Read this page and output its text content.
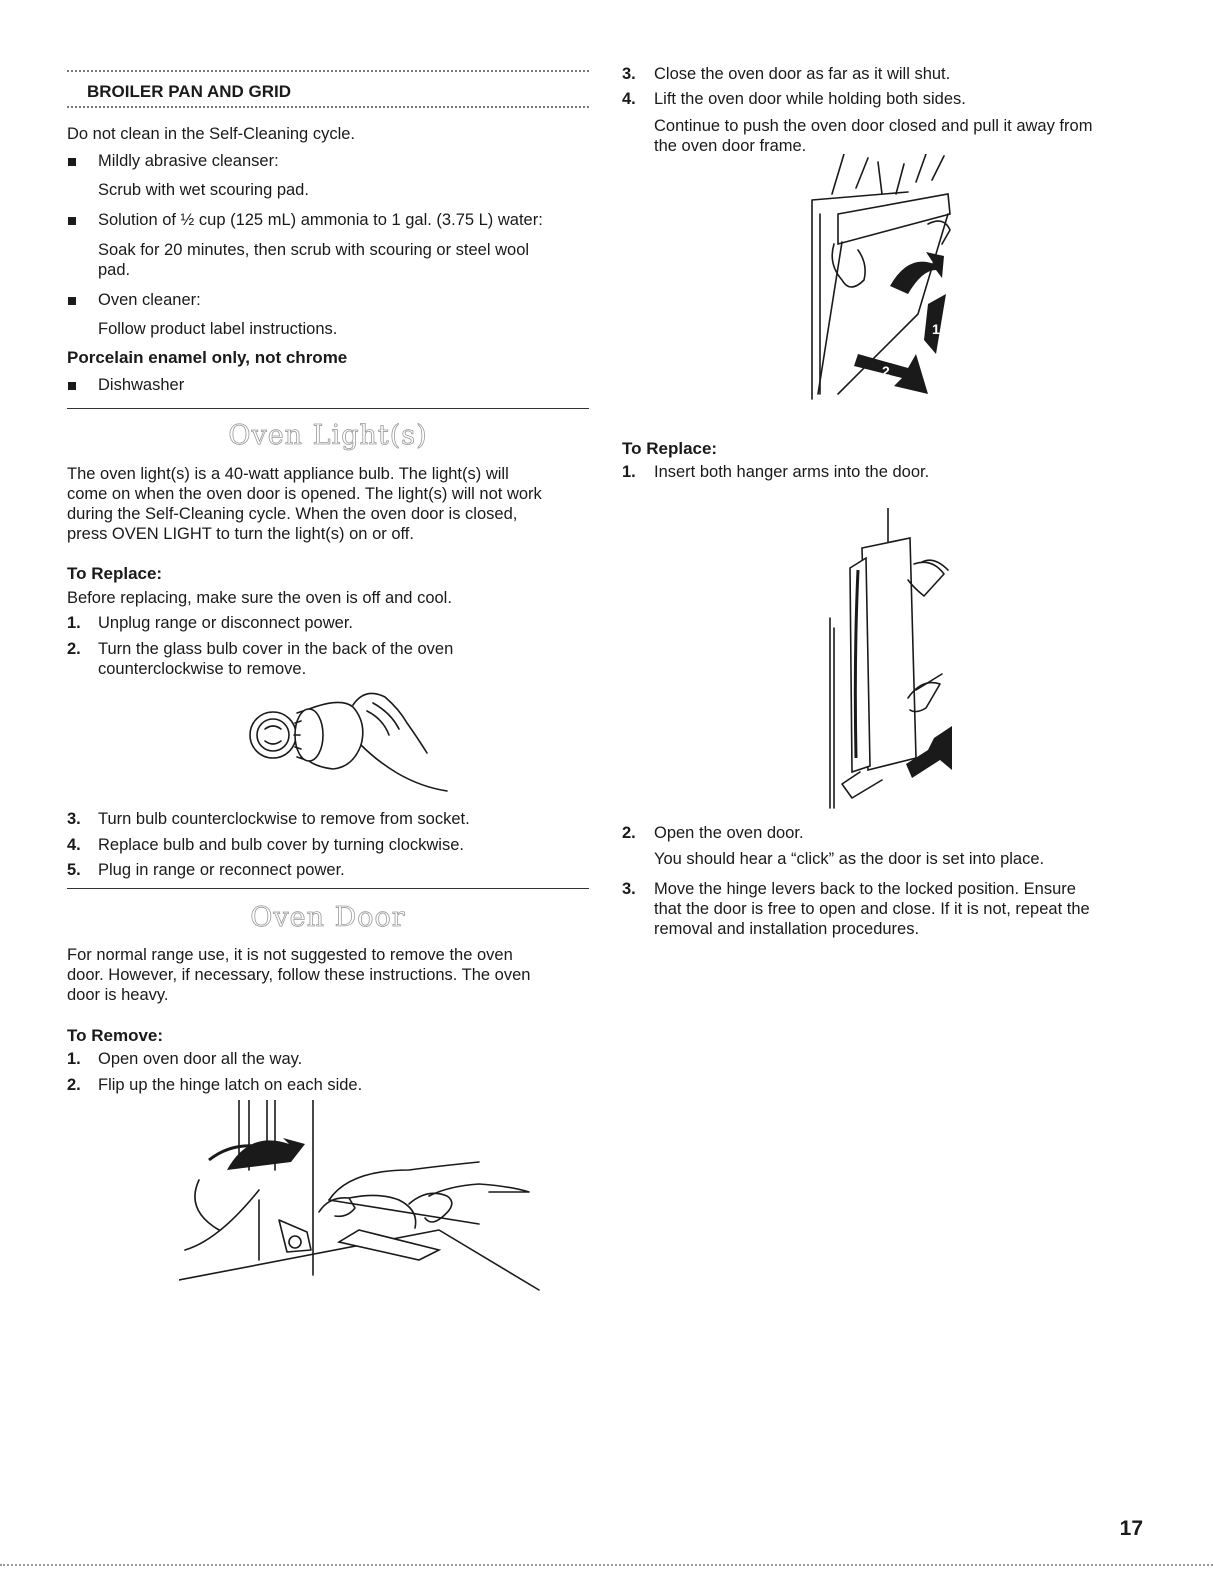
BROILER PAN AND GRID
Do not clean in the Self-Cleaning cycle.
Mildly abrasive cleanser:
Scrub with wet scouring pad.
Solution of ½ cup (125 mL) ammonia to 1 gal. (3.75 L) water:
Soak for 20 minutes, then scrub with scouring or steel wool
pad.
Oven cleaner:
Follow product label instructions.
Porcelain enamel only, not chrome
Dishwasher
Oven Light(s)
The oven light(s) is a 40-watt appliance bulb. The light(s) will
come on when the oven door is opened. The light(s) will not work
during the Self-Cleaning cycle. When the oven door is closed,
press OVEN LIGHT to turn the light(s) on or off.
To Replace:
Before replacing, make sure the oven is off and cool.
1. Unplug range or disconnect power.
2. Turn the glass bulb cover in the back of the oven
counterclockwise to remove.
3. Turn bulb counterclockwise to remove from socket.
4. Replace bulb and bulb cover by turning clockwise.
5. Plug in range or reconnect power.
Oven Door
For normal range use, it is not suggested to remove the oven
door. However, if necessary, follow these instructions. The oven
door is heavy.
To Remove:
1. Open oven door all the way.
2. Flip up the hinge latch on each side.
3. Close the oven door as far as it will shut.
4. Lift the oven door while holding both sides.
Continue to push the oven door closed and pull it away from
the oven door frame.
1
2
To Replace:
1. Insert both hanger arms into the door.
2. Open the oven door.
You should hear a “click” as the door is set into place.
3. Move the hinge levers back to the locked position. Ensure
that the door is free to open and close. If it is not, repeat the
removal and installation procedures.
17
